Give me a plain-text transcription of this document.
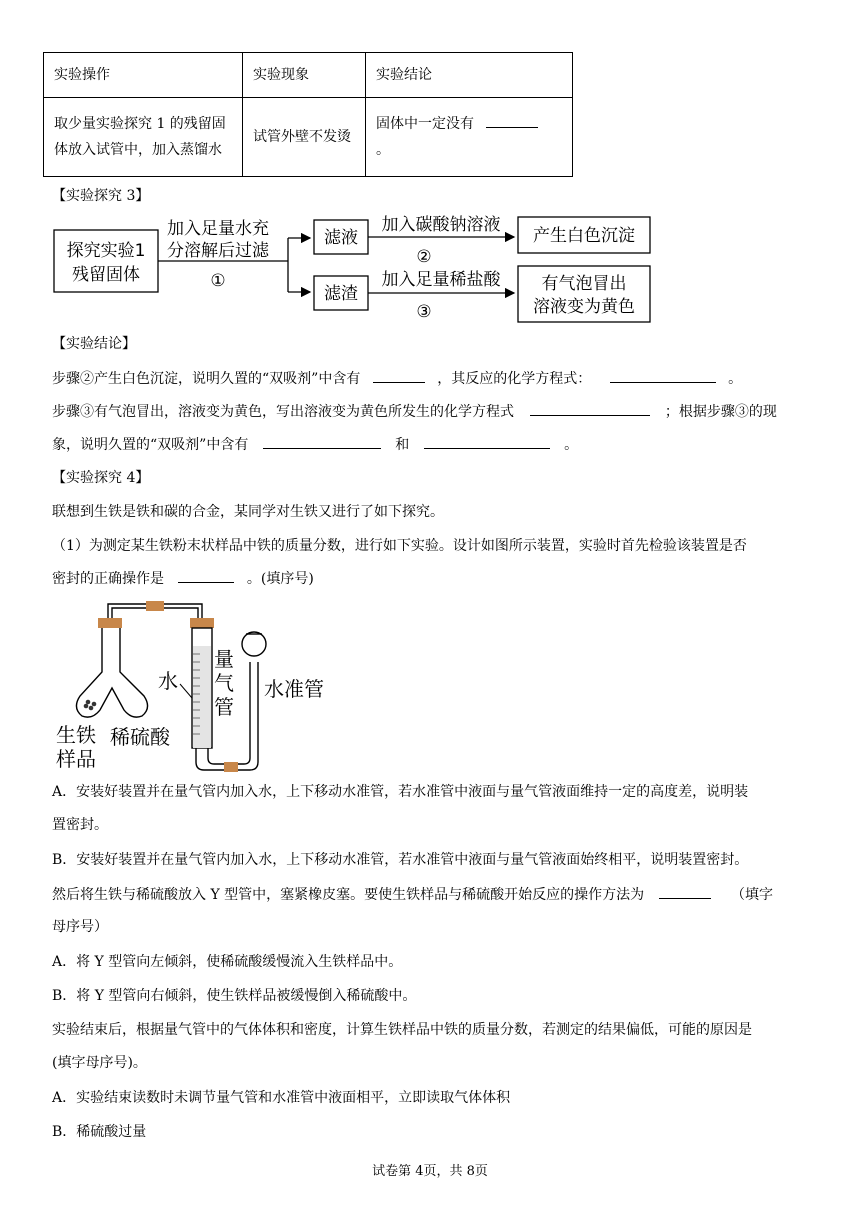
实验操作	实验现象	实验结论

取少量实验探究 1 的残留固
体放入试管中，加入蒸馏水	试管外壁不发烫	固体中一定没有  。
【实验探究 3】
探究实验1
残留固体
加入足量水充
分溶解后过滤
①
滤液
滤渣
加入碳酸钠溶液
②
加入足量稀盐酸
③
产生白色沉淀
有气泡冒出
溶液变为黄色
【实验结论】
步骤②产生白色沉淀，说明久置的“双吸剂”中含有	，其反应的化学方程式：	。
步骤③有气泡冒出，溶液变为黄色，写出溶液变为黄色所发生的化学方程式	；根据步骤③的现
象，说明久置的“双吸剂”中含有	和	。
【实验探究 4】
联想到生铁是铁和碳的合金，某同学对生铁又进行了如下探究。
（1）为测定某生铁粉末状样品中铁的质量分数，进行如下实验。设计如图所示装置，实验时首先检验该装置是否
密封的正确操作是	。(填序号)
生铁
样品
稀硫酸
水
量
气
管
水准管
A．安装好装置并在量气管内加入水，上下移动水准管，若水准管中液面与量气管液面维持一定的高度差，说明装
置密封。
B．安装好装置并在量气管内加入水，上下移动水准管，若水准管中液面与量气管液面始终相平，说明装置密封。
然后将生铁与稀硫酸放入 Y 型管中，塞紧橡皮塞。要使生铁样品与稀硫酸开始反应的操作方法为	（填字
母序号）
A．将 Y 型管向左倾斜，使稀硫酸缓慢流入生铁样品中。
B．将 Y 型管向右倾斜，使生铁样品被缓慢倒入稀硫酸中。
实验结束后，根据量气管中的气体体积和密度，计算生铁样品中铁的质量分数，若测定的结果偏低，可能的原因是
(填字母序号)。
A．实验结束读数时未调节量气管和水准管中液面相平，立即读取气体体积
B．稀硫酸过量
试卷第 4页，共 8页
